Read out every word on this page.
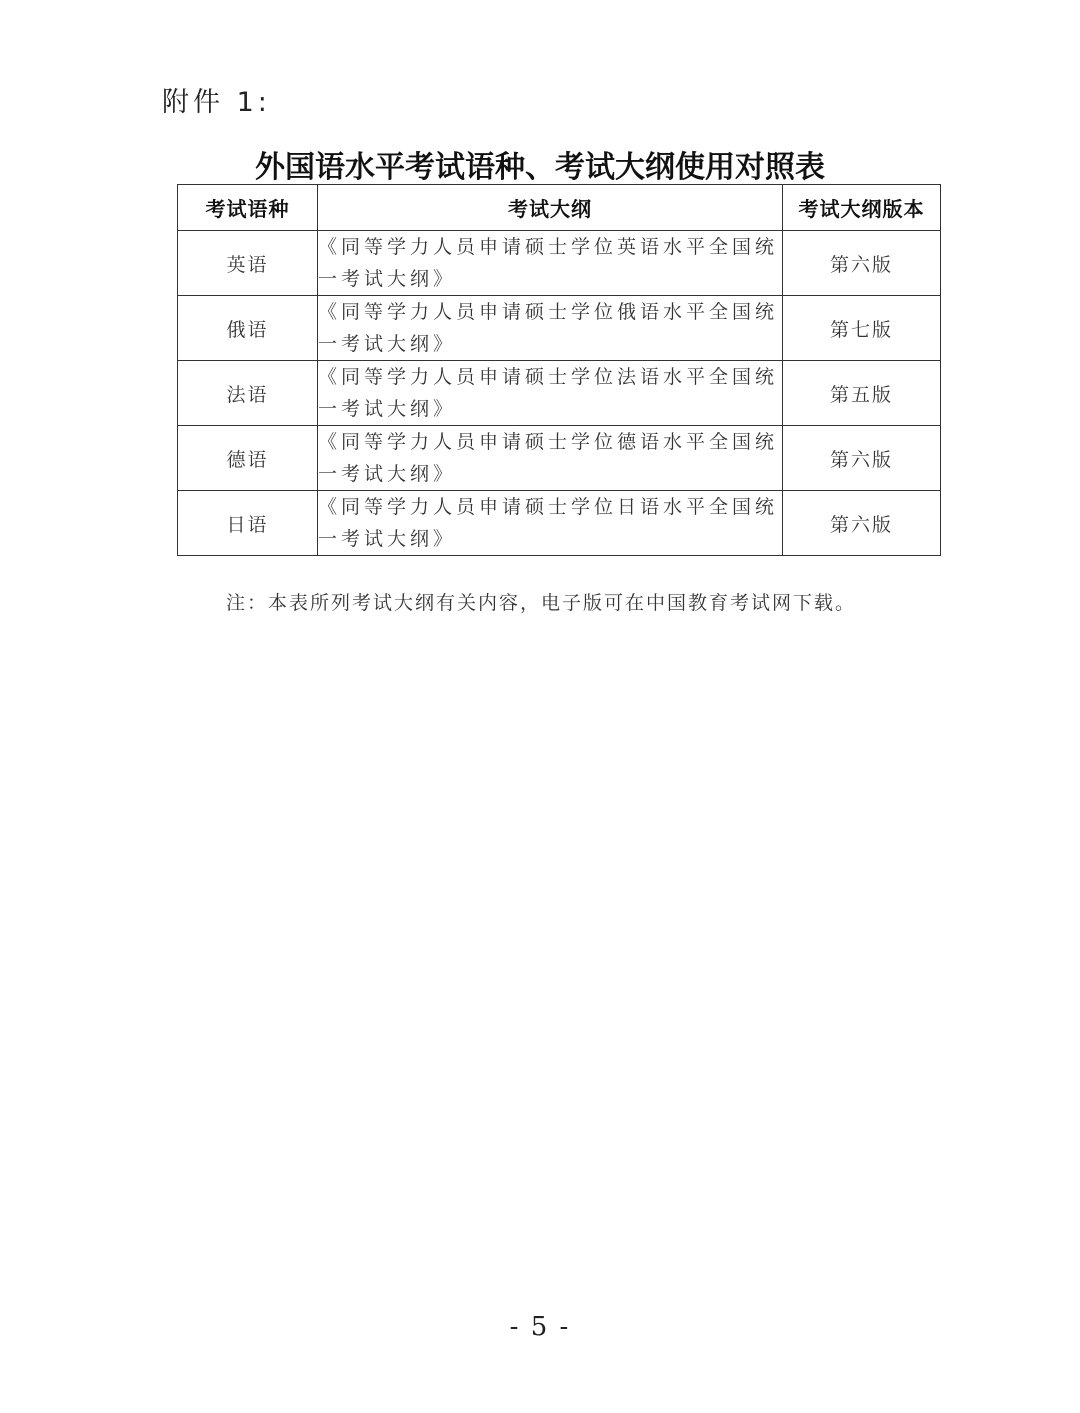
附件 1:
外国语水平考试语种、考试大纲使用对照表
考试语种	考试大纲	考试大纲版本
英语	《同等学力人员申请硕士学位英语水平全国统一考试大纲》	第六版
俄语	《同等学力人员申请硕士学位俄语水平全国统一考试大纲》	第七版
法语	《同等学力人员申请硕士学位法语水平全国统一考试大纲》	第五版
德语	《同等学力人员申请硕士学位德语水平全国统一考试大纲》	第六版
日语	《同等学力人员申请硕士学位日语水平全国统一考试大纲》	第六版
注：本表所列考试大纲有关内容，电子版可在中国教育考试网下载。
- 5 -
